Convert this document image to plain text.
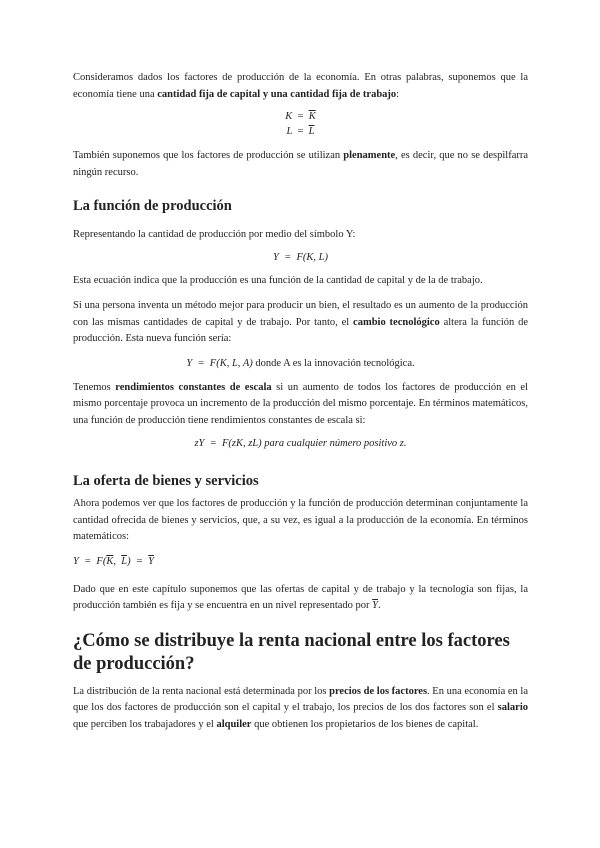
Consideramos dados los factores de producción de la economía. En otras palabras, suponemos que la economía tiene una cantidad fija de capital y una cantidad fija de trabajo:

$K = \overline{K}$
$L = \overline{L}$

También suponemos que los factores de producción se utilizan plenamente, es decir, que no se despilfarra ningún recurso.

La función de producción

Representando la cantidad de producción por medio del símbolo Y:

Y  =  F(K, L)

Esta ecuación indica que la producción es una función de la cantidad de capital y de la de trabajo.

Si una persona inventa un método mejor para producir un bien, el resultado es un aumento de la producción con las mismas cantidades de capital y de trabajo. Por tanto, el cambio tecnológico altera la función de producción. Esta nueva función sería:

Y  =  F(K, L, A) donde A es la innovación tecnológica.

Tenemos rendimientos constantes de escala si un aumento de todos los factores de producción en el mismo porcentaje provoca un incremento de la producción del mismo porcentaje. En términos matemáticos, una función de producción tiene rendimientos constantes de escala si:

zY  =  F(zK, zL) para cualquier número positivo z.
La oferta de bienes y servicios

Ahora podemos ver que los factores de producción y la función de producción determinan conjuntamente la cantidad ofrecida de bienes y servicios, que, a su vez, es igual a la producción de la economía. En términos matemáticos:

$Y = F(\overline{K}$,  $\overline{L}) = \overline{Y}$

Dado que en este capítulo suponemos que las ofertas de capital y de trabajo y la tecnología son fijas, la producción también es fija y se encuentra en un nivel representado por $\overline{Y}$.

¿Cómo se distribuye la renta nacional entre los factores de producción?

La distribución de la renta nacional está determinada por los precios de los factores. En una economía en la que los dos factores de producción son el capital y el trabajo, los precios de los dos factores son el salario que perciben los trabajadores y el alquiler que obtienen los propietarios de los bienes de capital.
